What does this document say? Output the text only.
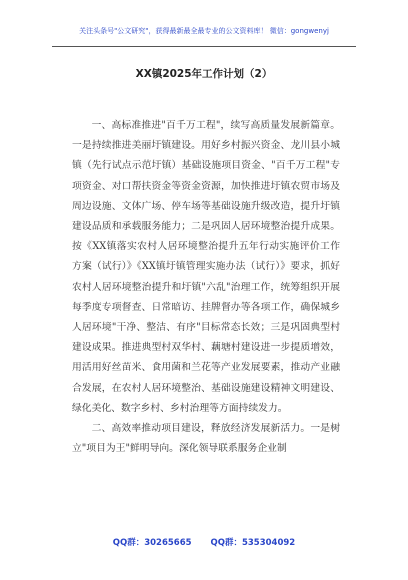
关注头条号"公文研究"，获得最新最全最专业的公文资料库！ 微信：gongwenyj
XX镇2025年工作计划（2）

一、高标准推进"百千万工程"，续写高质量发展新篇章。一是持续推进美丽圩镇建设。用好乡村振兴资金、龙川县小城镇（先行试点示范圩镇）基础设施项目资金、"百千万工程"专项资金、对口帮扶资金等资金资源，加快推进圩镇农贸市场及周边设施、文体广场、停车场等基础设施升级改造，提升圩镇建设品质和承载服务能力；二是巩固人居环境整治提升成果。按《XX镇落实农村人居环境整治提升五年行动实施评价工作方案（试行）》《XX镇圩镇管理实施办法（试行）》要求，抓好农村人居环境整治提升和圩镇"六乱"治理工作，统筹组织开展每季度专项督查、日常暗访、挂牌督办等各项工作，确保城乡人居环境"干净、整洁、有序"目标常态长效；三是巩固典型村建设成果。推进典型村双华村、藕塘村建设进一步提质增效，用活用好丝苗米、食用菌和兰花等产业发展要素，推动产业融合发展，在农村人居环境整治、基础设施建设精神文明建设、绿化美化、数字乡村、乡村治理等方面持续发力。

二、高效率推动项目建设，释放经济发展新活力。一是树立"项目为王"鲜明导向。深化领导联系服务企业制

QQ群：30265665 QQ群：535304092
